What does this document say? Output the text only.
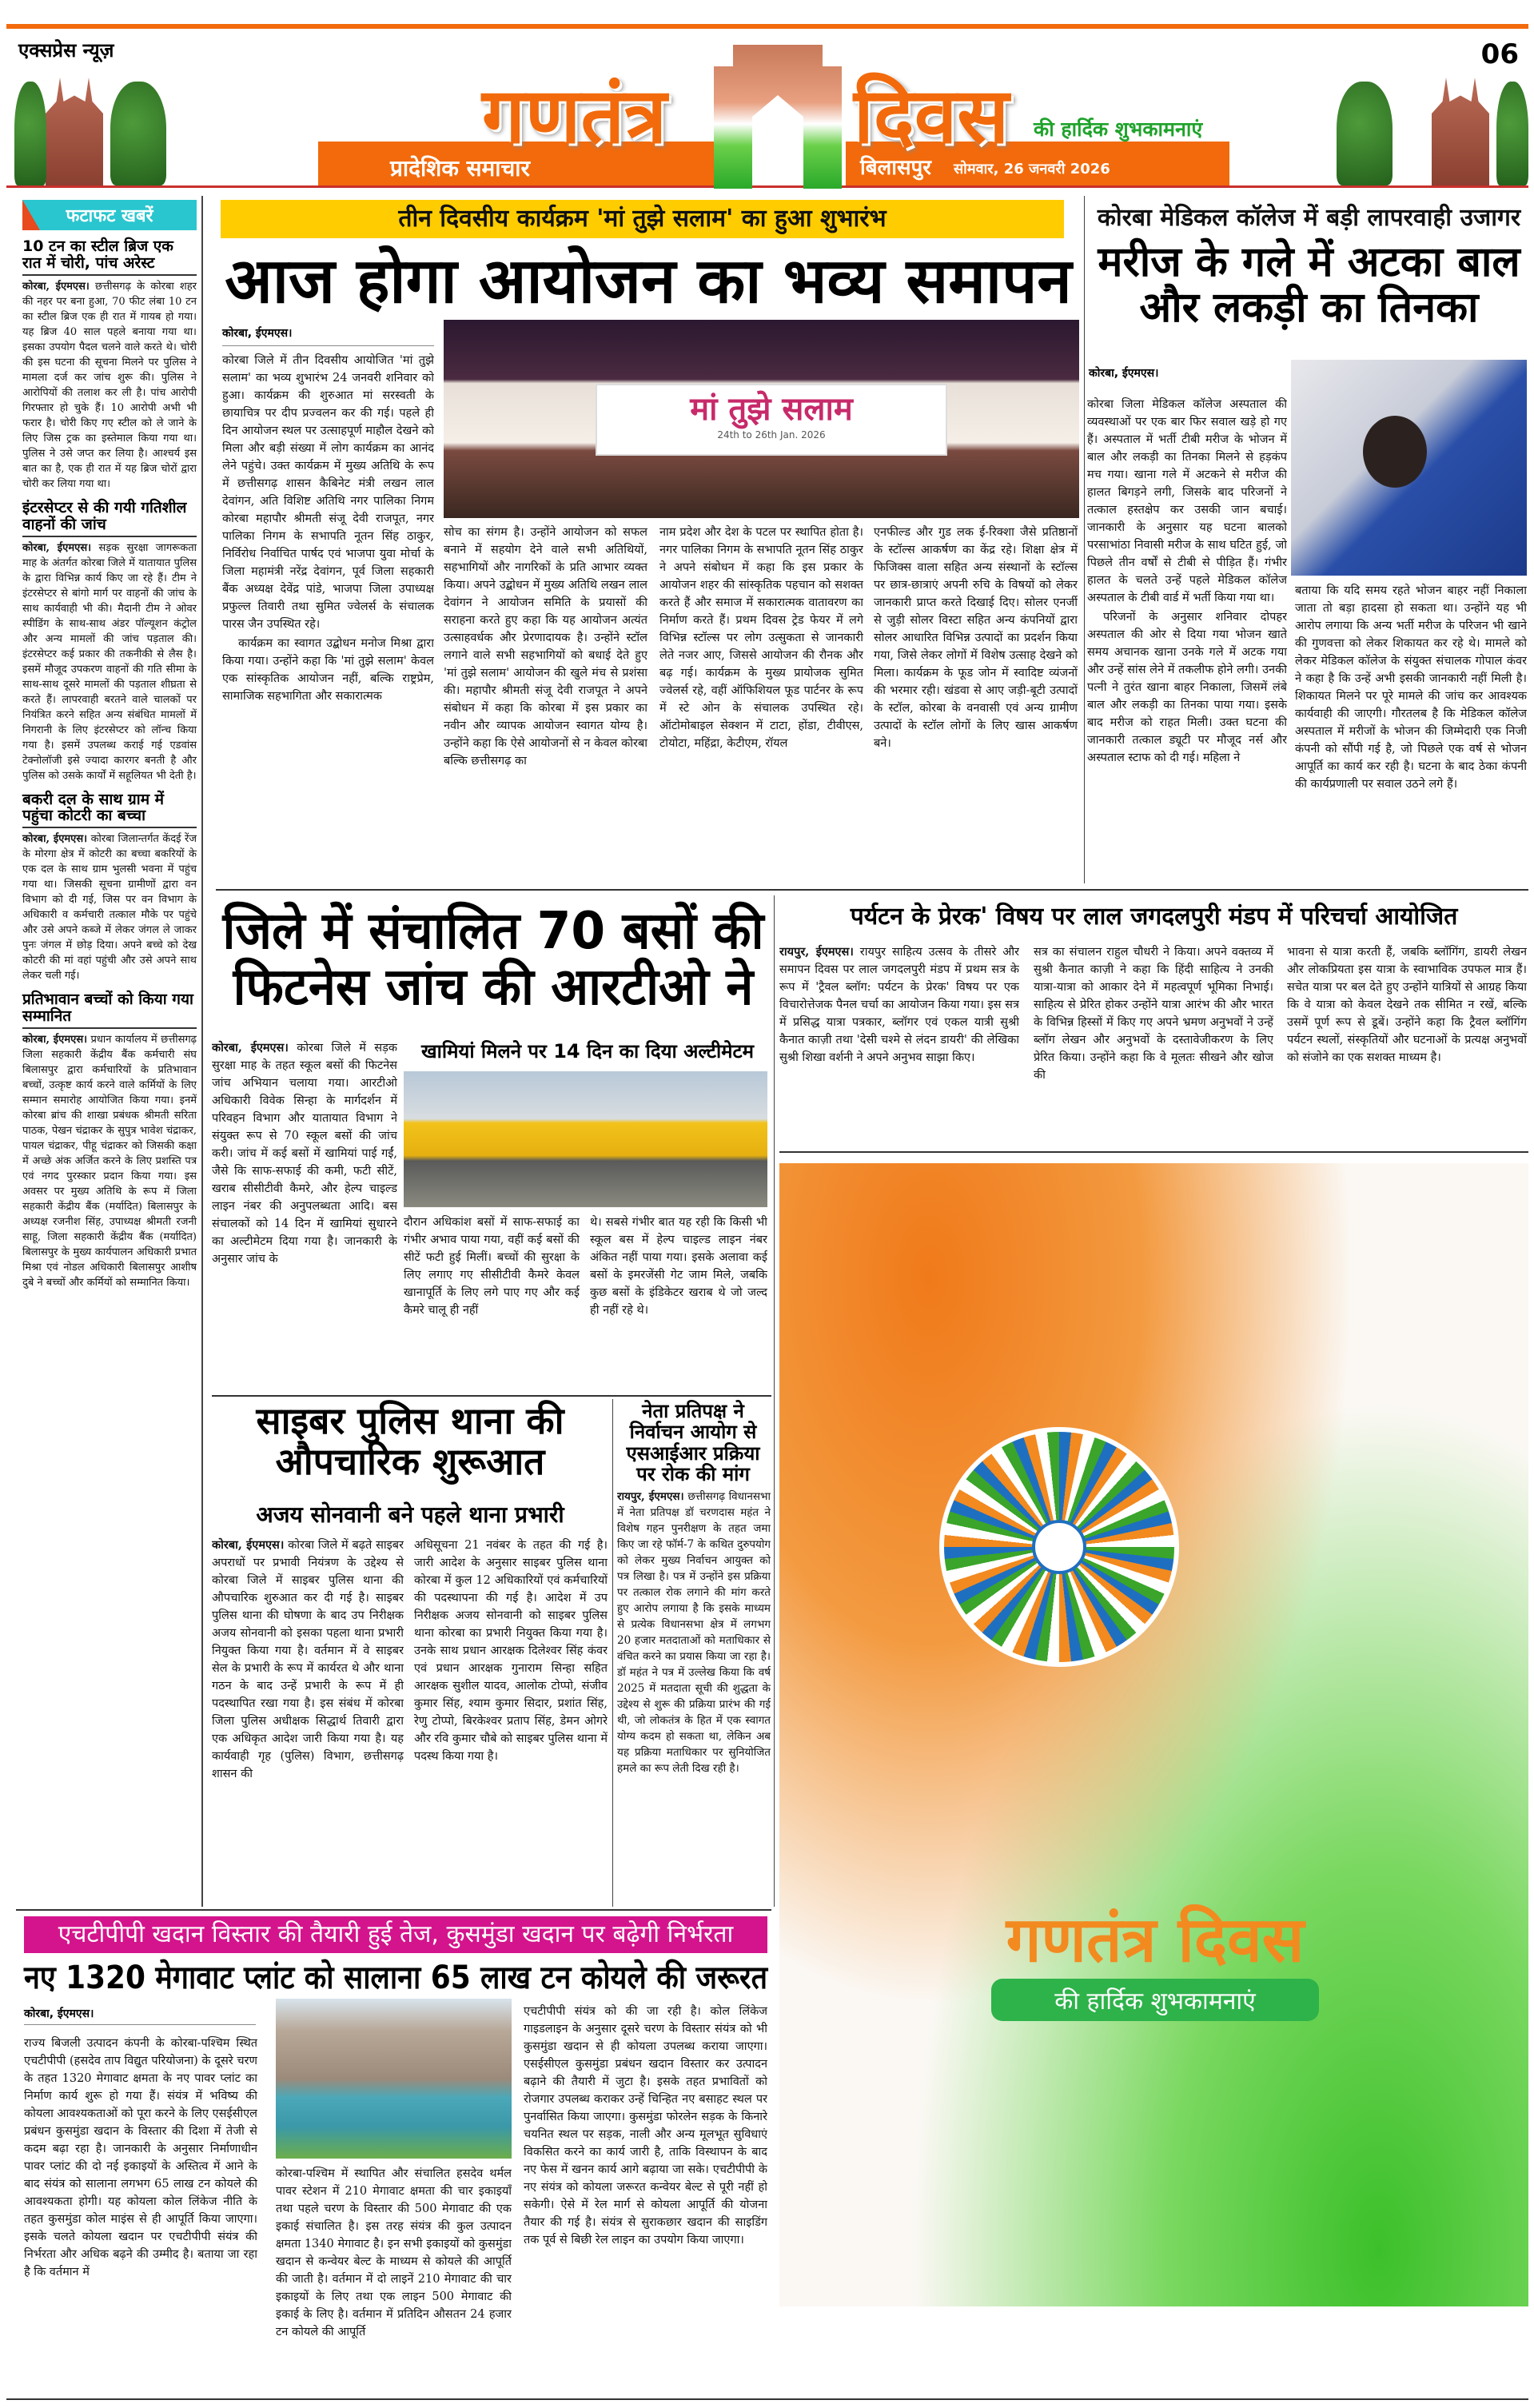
एक्सप्रेस न्यूज़	06
प्रादेशिक समाचार	बिलासपुर सोमवार, 26 जनवरी 2026
गणतंत्र दिवस की हार्दिक शुभकामनाएं
फटाफट खबरें
10 टन का स्टील ब्रिज एक रात में चोरी, पांच अरेस्ट
कोरबा, ईएमएस। छत्तीसगढ़ के कोरबा शहर की नहर पर बना हुआ, 70 फीट लंबा 10 टन का स्टील ब्रिज एक ही रात में गायब हो गया। यह ब्रिज 40 साल पहले बनाया गया था। इसका उपयोग पैदल चलने वाले करते थे। चोरी की इस घटना की सूचना मिलने पर पुलिस ने मामला दर्ज कर जांच शुरू की। पुलिस ने आरोपियों की तलाश कर ली है। पांच आरोपी गिरफ्तार हो चुके हैं। 10 आरोपी अभी भी फरार है। चोरी किए गए स्टील को ले जाने के लिए जिस ट्रक का इस्तेमाल किया गया था। पुलिस ने उसे जप्त कर लिया है। आश्चर्य इस बात का है, एक ही रात में यह ब्रिज चोरों द्वारा चोरी कर लिया गया था।
इंटरसेप्टर से की गयी गतिशील वाहनों की जांच
कोरबा, ईएमएस। सड़क सुरक्षा जागरूकता माह के अंतर्गत कोरबा जिले में यातायात पुलिस के द्वारा विभिन्न कार्य किए जा रहे हैं। टीम ने इंटरसेप्टर से बांगो मार्ग पर वाहनों की जांच के साथ कार्यवाही भी की। मैदानी टीम ने ओवर स्पीडिंग के साथ-साथ अंडर पॉल्यूशन कंट्रोल और अन्य मामलों की जांच पड़ताल की। इंटरसेप्टर कई प्रकार की तकनीकी से लैस है। इसमें मौजूद उपकरण वाहनों की गति सीमा के साथ-साथ दूसरे मामलों की पड़ताल शीघ्रता से करते हैं। लापरवाही बरतने वाले चालकों पर नियंत्रित करने सहित अन्य संबंधित मामलों में निगरानी के लिए इंटरसेप्टर को लॉन्च किया गया है। इसमें उपलब्ध कराई गई एडवांस टेक्नोलॉजी इसे ज्यादा कारगर बनती है और पुलिस को उसके कार्यों में सहूलियत भी देती है।
बकरी दल के साथ ग्राम में पहुंचा कोटरी का बच्चा
कोरबा, ईएमएस। कोरबा जिलान्तर्गत केंदई रेंज के मोरगा क्षेत्र में कोटरी का बच्चा बकरियों के एक दल के साथ ग्राम भुलसी भवना में पहुंच गया था। जिसकी सूचना ग्रामीणों द्वारा वन विभाग को दी गई, जिस पर वन विभाग के अधिकारी व कर्मचारी तत्काल मौके पर पहुंचे और उसे अपने कब्जे में लेकर जंगल ले जाकर पुनः जंगल में छोड़ दिया। अपने बच्चे को देख कोटरी की मां वहां पहुंची और उसे अपने साथ लेकर चली गई।
प्रतिभावान बच्चों को किया गया सम्मानित
कोरबा, ईएमएस। प्रधान कार्यालय में छत्तीसगढ़ जिला सहकारी केंद्रीय बैंक कर्मचारी संघ बिलासपुर द्वारा कर्मचारियों के प्रतिभावान बच्चों, उत्कृष्ट कार्य करने वाले कर्मियों के लिए सम्मान समारोह आयोजित किया गया। इनमें कोरबा ब्रांच की शाखा प्रबंधक श्रीमती सरिता पाठक, पेखन चंद्राकर के सुपुत्र भावेश चंद्राकर, पायल चंद्राकर, पीहू चंद्राकर को जिसकी कक्षा में अच्छे अंक अर्जित करने के लिए प्रशस्ति पत्र एवं नगद पुरस्कार प्रदान किया गया। इस अवसर पर मुख्य अतिथि के रूप में जिला सहकारी केंद्रीय बैंक (मर्यादित) बिलासपुर के अध्यक्ष रजनीश सिंह, उपाध्यक्ष श्रीमती रजनी साहू, जिला सहकारी केंद्रीय बैंक (मर्यादित) बिलासपुर के मुख्य कार्यपालन अधिकारी प्रभात मिश्रा एवं नोडल अधिकारी बिलासपुर आशीष दुबे ने बच्चों और कर्मियों को सम्मानित किया।
तीन दिवसीय कार्यक्रम 'मां तुझे सलाम' का हुआ शुभारंभ
आज होगा आयोजन का भव्य समापन
कोरबा, ईएमएस।

कोरबा जिले में तीन दिवसीय आयोजित 'मां तुझे सलाम' का भव्य शुभारंभ 24 जनवरी शनिवार को हुआ। कार्यक्रम की शुरुआत मां सरस्वती के छायाचित्र पर दीप प्रज्वलन कर की गई। पहले ही दिन आयोजन स्थल पर उत्साहपूर्ण माहौल देखने को मिला और बड़ी संख्या में लोग कार्यक्रम का आनंद लेने पहुंचे। उक्त कार्यक्रम में मुख्य अतिथि के रूप में छत्तीसगढ़ शासन कैबिनेट मंत्री लखन लाल देवांगन, अति विशिष्ट अतिथि नगर पालिका निगम कोरबा महापौर श्रीमती संजू देवी राजपूत, नगर पालिका निगम के सभापति नूतन सिंह ठाकुर, निर्विरोध निर्वाचित पार्षद एवं भाजपा युवा मोर्चा के जिला महामंत्री नरेंद्र देवांगन, पूर्व जिला सहकारी बैंक अध्यक्ष देवेंद्र पांडे, भाजपा जिला उपाध्यक्ष प्रफुल्ल तिवारी तथा सुमित ज्वेलर्स के संचालक पारस जैन उपस्थित रहे।

कार्यक्रम का स्वागत उद्बोधन मनोज मिश्रा द्वारा किया गया। उन्होंने कहा कि 'मां तुझे सलाम' केवल एक सांस्कृतिक आयोजन नहीं, बल्कि राष्ट्रप्रेम, सामाजिक सहभागिता और सकारात्मक

मां तुझे सलाम
24th to 26th Jan. 2026
सोच का संगम है। उन्होंने आयोजन को सफल बनाने में सहयोग देने वाले सभी अतिथियों, सहभागियों और नागरिकों के प्रति आभार व्यक्त किया। अपने उद्बोधन में मुख्य अतिथि लखन लाल देवांगन ने आयोजन समिति के प्रयासों की सराहना करते हुए कहा कि यह आयोजन अत्यंत उत्साहवर्धक और प्रेरणादायक है। उन्होंने स्टॉल लगाने वाले सभी सहभागियों को बधाई देते हुए 'मां तुझे सलाम' आयोजन की खुले मंच से प्रशंसा की। महापौर श्रीमती संजू देवी राजपूत ने अपने संबोधन में कहा कि कोरबा में इस प्रकार का नवीन और व्यापक आयोजन स्वागत योग्य है। उन्होंने कहा कि ऐसे आयोजनों से न केवल कोरबा बल्कि छत्तीसगढ़ का
नाम प्रदेश और देश के पटल पर स्थापित होता है। नगर पालिका निगम के सभापति नूतन सिंह ठाकुर ने अपने संबोधन में कहा कि इस प्रकार के आयोजन शहर की सांस्कृतिक पहचान को सशक्त करते हैं और समाज में सकारात्मक वातावरण का निर्माण करते हैं। प्रथम दिवस ट्रेड फेयर में लगे विभिन्न स्टॉल्स पर लोग उत्सुकता से जानकारी लेते नजर आए, जिससे आयोजन की रौनक और बढ़ गई। कार्यक्रम के मुख्य प्रायोजक सुमित ज्वेलर्स रहे, वहीं ऑफिशियल फूड पार्टनर के रूप में स्टे ओन के संचालक उपस्थित रहे। ऑटोमोबाइल सेक्शन में टाटा, होंडा, टीवीएस, टोयोटा, महिंद्रा, केटीएम, रॉयल
एनफील्ड और गुड लक ई-रिक्शा जैसे प्रतिष्ठानों के स्टॉल्स आकर्षण का केंद्र रहे। शिक्षा क्षेत्र में फिजिक्स वाला सहित अन्य संस्थानों के स्टॉल्स पर छात्र-छात्राएं अपनी रुचि के विषयों को लेकर जानकारी प्राप्त करते दिखाई दिए। सोलर एनर्जी से जुड़ी सोलर विस्टा सहित अन्य कंपनियों द्वारा सोलर आधारित विभिन्न उत्पादों का प्रदर्शन किया गया, जिसे लेकर लोगों में विशेष उत्साह देखने को मिला। कार्यक्रम के फूड जोन में स्वादिष्ट व्यंजनों की भरमार रही। खंडवा से आए जड़ी-बूटी उत्पादों के स्टॉल, कोरबा के वनवासी एवं अन्य ग्रामीण उत्पादों के स्टॉल लोगों के लिए खास आकर्षण बने।
कोरबा मेडिकल कॉलेज में बड़ी लापरवाही उजागर
मरीज के गले में अटका बाल और लकड़ी का तिनका
कोरबा, ईएमएस।

कोरबा जिला मेडिकल कॉलेज अस्पताल की व्यवस्थाओं पर एक बार फिर सवाल खड़े हो गए हैं। अस्पताल में भर्ती टीबी मरीज के भोजन में बाल और लकड़ी का तिनका मिलने से हड़कंप मच गया। खाना गले में अटकने से मरीज की हालत बिगड़ने लगी, जिसके बाद परिजनों ने तत्काल हस्तक्षेप कर उसकी जान बचाई। जानकारी के अनुसार यह घटना बालको परसाभांठा निवासी मरीज के साथ घटित हुई, जो पिछले तीन वर्षों से टीबी से पीड़ित हैं। गंभीर हालत के चलते उन्हें पहले मेडिकल कॉलेज अस्पताल के टीबी वार्ड में भर्ती किया गया था।

परिजनों के अनुसार शनिवार दोपहर अस्पताल की ओर से दिया गया भोजन खाते समय अचानक खाना उनके गले में अटक गया और उन्हें सांस लेने में तकलीफ होने लगी। उनकी पत्नी ने तुरंत खाना बाहर निकाला, जिसमें लंबे बाल और लकड़ी का तिनका पाया गया। इसके बाद मरीज को राहत मिली। उक्त घटना की जानकारी तत्काल ड्यूटी पर मौजूद नर्स और अस्पताल स्टाफ को दी गई। महिला ने

बताया कि यदि समय रहते भोजन बाहर नहीं निकाला जाता तो बड़ा हादसा हो सकता था। उन्होंने यह भी आरोप लगाया कि अन्य भर्ती मरीज के परिजन भी खाने की गुणवत्ता को लेकर शिकायत कर रहे थे। मामले को लेकर मेडिकल कॉलेज के संयुक्त संचालक गोपाल कंवर ने कहा है कि उन्हें अभी इसकी जानकारी नहीं मिली है। शिकायत मिलने पर पूरे मामले की जांच कर आवश्यक कार्यवाही की जाएगी। गौरतलब है कि मेडिकल कॉलेज अस्पताल में मरीजों के भोजन की जिम्मेदारी एक निजी कंपनी को सौंपी गई है, जो पिछले एक वर्ष से भोजन आपूर्ति का कार्य कर रही है। घटना के बाद ठेका कंपनी की कार्यप्रणाली पर सवाल उठने लगे हैं।
जिले में संचालित 70 बसों की फिटनेस जांच की आरटीओ ने
कोरबा, ईएमएस। कोरबा जिले में सड़क सुरक्षा माह के तहत स्कूल बसों की फिटनेस जांच अभियान चलाया गया। आरटीओ अधिकारी विवेक सिन्हा के मार्गदर्शन में परिवहन विभाग और यातायात विभाग ने संयुक्त रूप से 70 स्कूल बसों की जांच करी। जांच में कई बसों में खामियां पाई गईं, जैसे कि साफ-सफाई की कमी, फटी सीटें, खराब सीसीटीवी कैमरे, और हेल्प चाइल्ड लाइन नंबर की अनुपलब्धता आदि। बस संचालकों को 14 दिन में खामियां सुधारने का अल्टीमेटम दिया गया है। जानकारी के अनुसार जांच के
खामियां मिलने पर 14 दिन का दिया अल्टीमेटम
दौरान अधिकांश बसों में साफ-सफाई का गंभीर अभाव पाया गया, वहीं कई बसों की सीटें फटी हुई मिलीं। बच्चों की सुरक्षा के लिए लगाए गए सीसीटीवी कैमरे केवल खानापूर्ति के लिए लगे पाए गए और कई कैमरे चालू ही नहीं
थे। सबसे गंभीर बात यह रही कि किसी भी स्कूल बस में हेल्प चाइल्ड लाइन नंबर अंकित नहीं पाया गया। इसके अलावा कई बसों के इमरजेंसी गेट जाम मिले, जबकि कुछ बसों के इंडिकेटर खराब थे जो जल्द ही नहीं रहे थे।
पर्यटन के प्रेरक' विषय पर लाल जगदलपुरी मंडप में परिचर्चा आयोजित
रायपुर, ईएमएस। रायपुर साहित्य उत्सव के तीसरे और समापन दिवस पर लाल जगदलपुरी मंडप में प्रथम सत्र के रूप में 'ट्रैवल ब्लॉग: पर्यटन के प्रेरक' विषय पर एक विचारोत्तेजक पैनल चर्चा का आयोजन किया गया। इस सत्र में प्रसिद्ध यात्रा पत्रकार, ब्लॉगर एवं एकल यात्री सुश्री कैनात काज़ी तथा 'देसी चश्मे से लंदन डायरी' की लेखिका सुश्री शिखा वर्शनी ने अपने अनुभव साझा किए।
सत्र का संचालन राहुल चौधरी ने किया। अपने वक्तव्य में सुश्री कैनात काज़ी ने कहा कि हिंदी साहित्य ने उनकी यात्रा-यात्रा को आकार देने में महत्वपूर्ण भूमिका निभाई। साहित्य से प्रेरित होकर उन्होंने यात्रा आरंभ की और भारत के विभिन्न हिस्सों में किए गए अपने भ्रमण अनुभवों ने उन्हें ब्लॉग लेखन और अनुभवों के दस्तावेजीकरण के लिए प्रेरित किया। उन्होंने कहा कि वे मूलतः सीखने और खोज की
भावना से यात्रा करती हैं, जबकि ब्लॉगिंग, डायरी लेखन और लोकप्रियता इस यात्रा के स्वाभाविक उपफल मात्र हैं। सचेत यात्रा पर बल देते हुए उन्होंने यात्रियों से आग्रह किया कि वे यात्रा को केवल देखने तक सीमित न रखें, बल्कि उसमें पूर्ण रूप से डूबें। उन्होंने कहा कि ट्रैवल ब्लॉगिंग पर्यटन स्थलों, संस्कृतियों और घटनाओं के प्रत्यक्ष अनुभवों को संजोने का एक सशक्त माध्यम है।
गणतंत्र दिवस
की हार्दिक शुभकामनाएं
साइबर पुलिस थाना की औपचारिक शुरूआत
अजय सोनवानी बने पहले थाना प्रभारी
कोरबा, ईएमएस। कोरबा जिले में बढ़ते साइबर अपराधों पर प्रभावी नियंत्रण के उद्देश्य से कोरबा जिले में साइबर पुलिस थाना की औपचारिक शुरुआत कर दी गई है। साइबर पुलिस थाना की घोषणा के बाद उप निरीक्षक अजय सोनवानी को इसका पहला थाना प्रभारी नियुक्त किया गया है। वर्तमान में वे साइबर सेल के प्रभारी के रूप में कार्यरत थे और थाना गठन के बाद उन्हें प्रभारी के रूप में ही पदस्थापित रखा गया है। इस संबंध में कोरबा जिला पुलिस अधीक्षक सिद्धार्थ तिवारी द्वारा एक अधिकृत आदेश जारी किया गया है। यह कार्यवाही गृह (पुलिस) विभाग, छत्तीसगढ़ शासन की
अधिसूचना 21 नवंबर के तहत की गई है। जारी आदेश के अनुसार साइबर पुलिस थाना कोरबा में कुल 12 अधिकारियों एवं कर्मचारियों की पदस्थापना की गई है। आदेश में उप निरीक्षक अजय सोनवानी को साइबर पुलिस थाना कोरबा का प्रभारी नियुक्त किया गया है। उनके साथ प्रधान आरक्षक दिलेश्वर सिंह कंवर एवं प्रधान आरक्षक गुनाराम सिन्हा सहित आरक्षक सुशील यादव, आलोक टोप्पो, संजीव कुमार सिंह, श्याम कुमार सिदार, प्रशांत सिंह, रेणु टोप्पो, बिरकेश्वर प्रताप सिंह, डेमन ओगरे और रवि कुमार चौबे को साइबर पुलिस थाना में पदस्थ किया गया है।
नेता प्रतिपक्ष ने निर्वाचन आयोग से एसआईआर प्रक्रिया पर रोक की मांग
रायपुर, ईएमएस। छत्तीसगढ़ विधानसभा में नेता प्रतिपक्ष डॉ चरणदास महंत ने विशेष गहन पुनरीक्षण के तहत जमा किए जा रहे फॉर्म-7 के कथित दुरुपयोग को लेकर मुख्य निर्वाचन आयुक्त को पत्र लिखा है। पत्र में उन्होंने इस प्रक्रिया पर तत्काल रोक लगाने की मांग करते हुए आरोप लगाया है कि इसके माध्यम से प्रत्येक विधानसभा क्षेत्र में लगभग 20 हजार मतदाताओं को मताधिकार से वंचित करने का प्रयास किया जा रहा है। डॉ महंत ने पत्र में उल्लेख किया कि वर्ष 2025 में मतदाता सूची की शुद्धता के उद्देश्य से शुरू की प्रक्रिया प्रारंभ की गई थी, जो लोकतंत्र के हित में एक स्वागत योग्य कदम हो सकता था, लेकिन अब यह प्रक्रिया मताधिकार पर सुनियोजित हमले का रूप लेती दिख रही है।
एचटीपीपी खदान विस्तार की तैयारी हुई तेज, कुसमुंडा खदान पर बढ़ेगी निर्भरता
नए 1320 मेगावाट प्लांट को सालाना 65 लाख टन कोयले की जरूरत
कोरबा, ईएमएस।
राज्य बिजली उत्पादन कंपनी के कोरबा-पश्चिम स्थित एचटीपीपी (हसदेव ताप विद्युत परियोजना) के दूसरे चरण के तहत 1320 मेगावाट क्षमता के नए पावर प्लांट का निर्माण कार्य शुरू हो गया हैं। संयंत्र में भविष्य की कोयला आवश्यकताओं को पूरा करने के लिए एसईसीएल प्रबंधन कुसमुंडा खदान के विस्तार की दिशा में तेजी से कदम बढ़ा रहा है। जानकारी के अनुसार निर्माणाधीन पावर प्लांट की दो नई इकाइयों के अस्तित्व में आने के बाद संयंत्र को सालाना लगभग 65 लाख टन कोयले की आवश्यकता होगी। यह कोयला कोल लिंकेज नीति के तहत कुसमुंडा कोल माइंस से ही आपूर्ति किया जाएगा। इसके चलते कोयला खदान पर एचटीपीपी संयंत्र की निर्भरता और अधिक बढ़ने की उम्मीद है। बताया जा रहा है कि वर्तमान में
कोरबा-पश्चिम में स्थापित और संचालित हसदेव थर्मल पावर स्टेशन में 210 मेगावाट क्षमता की चार इकाइयाँ तथा पहले चरण के विस्तार की 500 मेगावाट की एक इकाई संचालित है। इस तरह संयंत्र की कुल उत्पादन क्षमता 1340 मेगावाट है। इन सभी इकाइयों को कुसमुंडा खदान से कन्वेयर बेल्ट के माध्यम से कोयले की आपूर्ति की जाती है। वर्तमान में दो लाइनें 210 मेगावाट की चार इकाइयों के लिए तथा एक लाइन 500 मेगावाट की इकाई के लिए है। वर्तमान में प्रतिदिन औसतन 24 हजार टन कोयले की आपूर्ति
एचटीपीपी संयंत्र को की जा रही है। कोल लिंकेज गाइडलाइन के अनुसार दूसरे चरण के विस्तार संयंत्र को भी कुसमुंडा खदान से ही कोयला उपलब्ध कराया जाएगा। एसईसीएल कुसमुंडा प्रबंधन खदान विस्तार कर उत्पादन बढ़ाने की तैयारी में जुटा है। इसके तहत प्रभावितों को रोजगार उपलब्ध कराकर उन्हें चिन्हित नए बसाहट स्थल पर पुनर्वासित किया जाएगा। कुसमुंडा फोरलेन सड़क के किनारे चयनित स्थल पर सड़क, नाली और अन्य मूलभूत सुविधाएं विकसित करने का कार्य जारी है, ताकि विस्थापन के बाद नए फेस में खनन कार्य आगे बढ़ाया जा सके। एचटीपीपी के नए संयंत्र को कोयला जरूरत कन्वेयर बेल्ट से पूरी नहीं हो सकेगी। ऐसे में रेल मार्ग से कोयला आपूर्ति की योजना तैयार की गई है। संयंत्र से सुराकछार खदान की साइडिंग तक पूर्व से बिछी रेल लाइन का उपयोग किया जाएगा।
